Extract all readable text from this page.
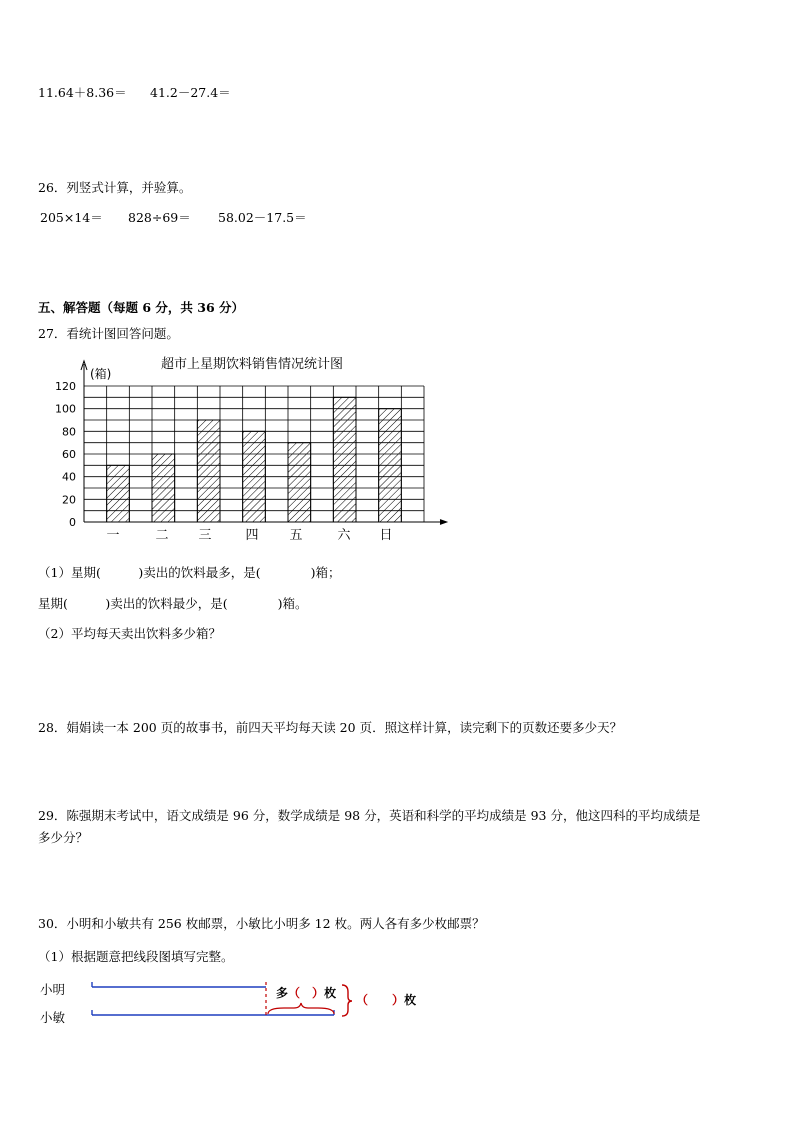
11.64＋8.36＝ 41.2－27.4＝
26．列竖式计算，并验算。
205×14＝ 828÷69＝ 58.02－17.5＝
五、解答题（每题 6 分，共 36 分）
27．看统计图回答问题。
超市上星期饮料销售情况统计图
(箱)
0
20
40
60
80
100
120
一	二 三	四 五	六 日
（1）星期(　　　)卖出的饮料最多，是(　　　　)箱；
星期(　　　)卖出的饮料最少，是(　　　　)箱。
（2）平均每天卖出饮料多少箱？
28．娟娟读一本 200 页的故事书，前四天平均每天读 20 页．照这样计算，读完剩下的页数还要多少天？
29．陈强期末考试中，语文成绩是 96 分，数学成绩是 98 分，英语和科学的平均成绩是 93 分，他这四科的平均成绩是
多少分？
30．小明和小敏共有 256 枚邮票，小敏比小明多 12 枚。两人各有多少枚邮票？
（1）根据题意把线段图填写完整。
小明
小敏
多（　 ）枚 （　　 ）枚
